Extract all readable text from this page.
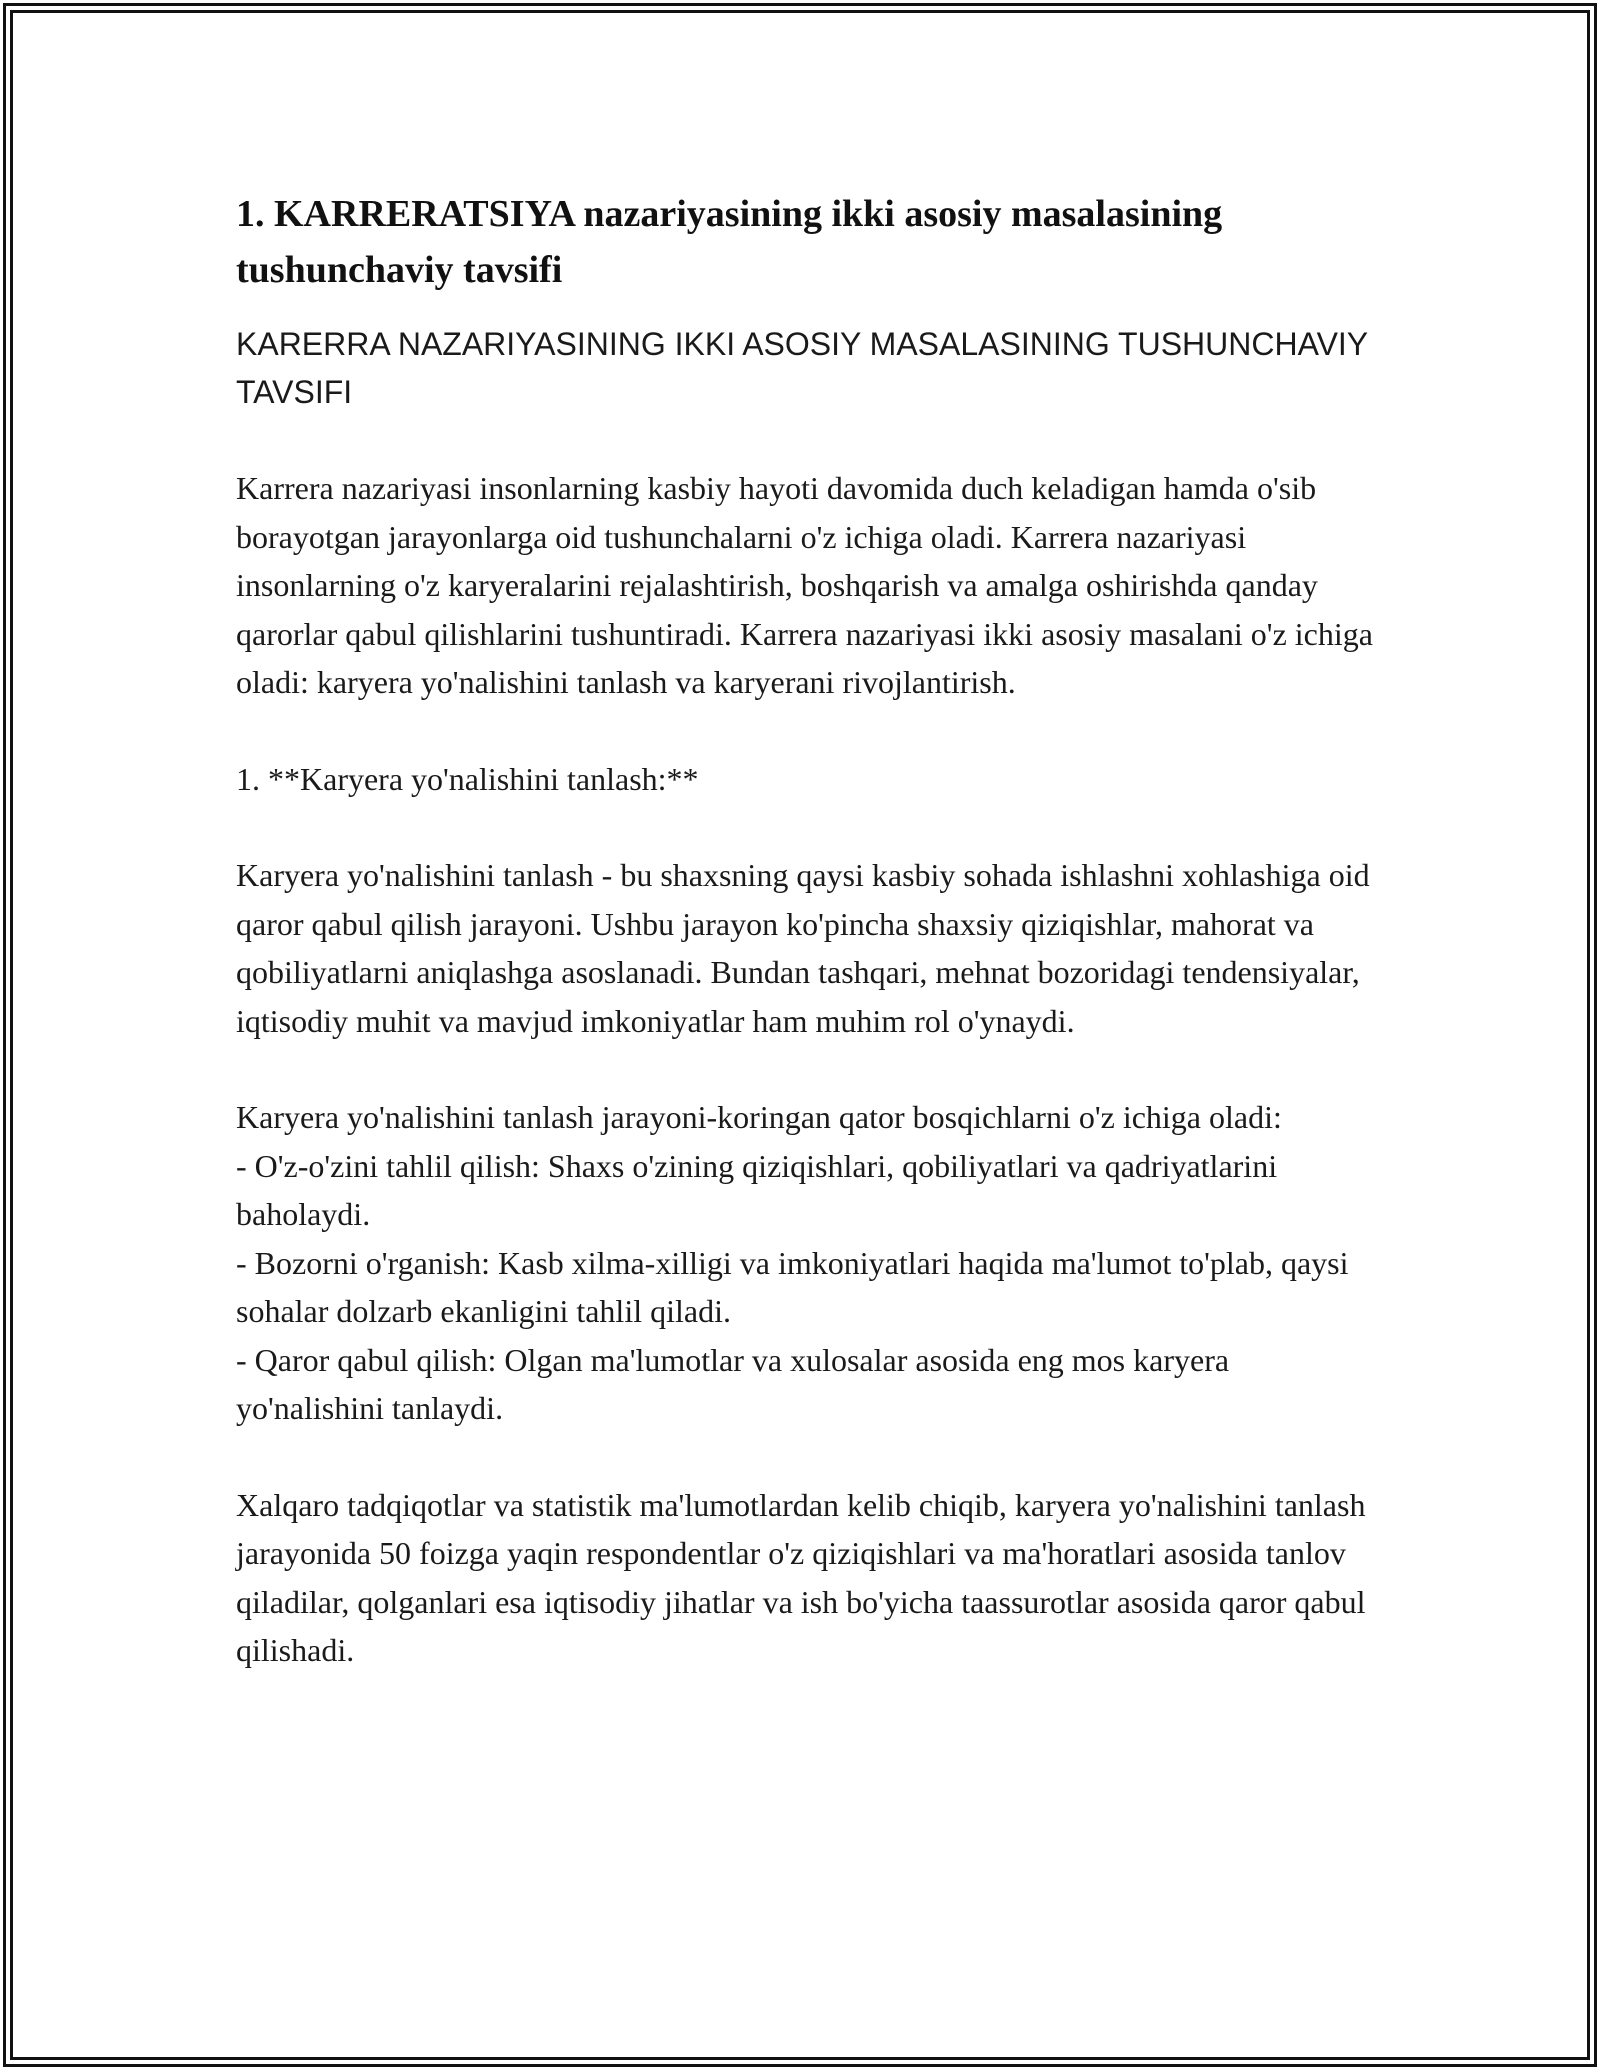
1. KARRERATSIYA nazariyasining ikki asosiy masalasining tushunchaviy tavsifi

KARERRA NAZARIYASINING IKKI ASOSIY MASALASINING TUSHUNCHAVIY TAVSIFI

Karrera nazariyasi insonlarning kasbiy hayoti davomida duch keladigan hamda o'sib borayotgan jarayonlarga oid tushunchalarni o'z ichiga oladi. Karrera nazariyasi insonlarning o'z karyeralarini rejalashtirish, boshqarish va amalga oshirishda qanday qarorlar qabul qilishlarini tushuntiradi. Karrera nazariyasi ikki asosiy masalani o'z ichiga oladi: karyera yo'nalishini tanlash va karyerani rivojlantirish.

1. **Karyera yo'nalishini tanlash:**

Karyera yo'nalishini tanlash - bu shaxsning qaysi kasbiy sohada ishlashni xohlashiga oid qaror qabul qilish jarayoni. Ushbu jarayon ko'pincha shaxsiy qiziqishlar, mahorat va qobiliyatlarni aniqlashga asoslanadi. Bundan tashqari, mehnat bozoridagi tendensiyalar, iqtisodiy muhit va mavjud imkoniyatlar ham muhim rol o'ynaydi.

Karyera yo'nalishini tanlash jarayoni-koringan qator bosqichlarni o'z ichiga oladi:

- O'z-o'zini tahlil qilish: Shaxs o'zining qiziqishlari, qobiliyatlari va qadriyatlarini baholaydi.
- Bozorni o'rganish: Kasb xilma-xilligi va imkoniyatlari haqida ma'lumot to'plab, qaysi sohalar dolzarb ekanligini tahlil qiladi.
- Qaror qabul qilish: Olgan ma'lumotlar va xulosalar asosida eng mos karyera yo'nalishini tanlaydi.

Xalqaro tadqiqotlar va statistik ma'lumotlardan kelib chiqib, karyera yo'nalishini tanlash jarayonida 50 foizga yaqin respondentlar o'z qiziqishlari va ma'horatlari asosida tanlov qiladilar, qolganlari esa iqtisodiy jihatlar va ish bo'yicha taassurotlar asosida qaror qabul qilishadi.
